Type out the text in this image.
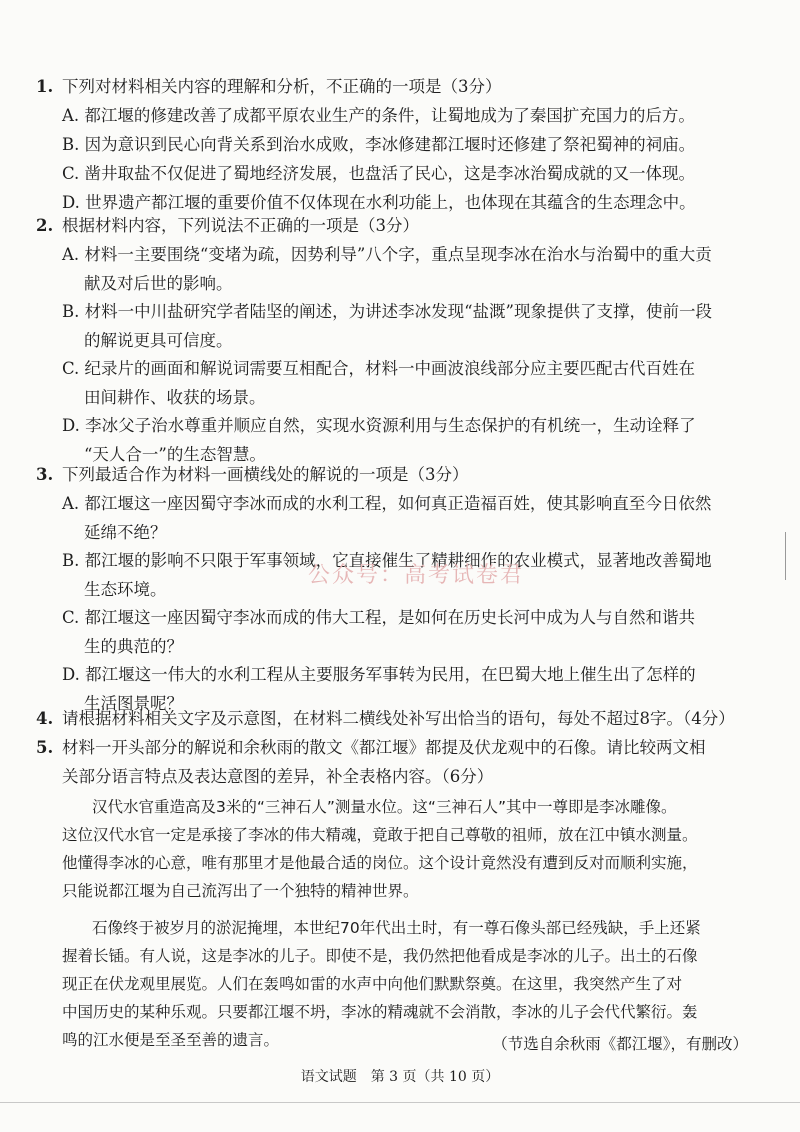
1. 下列对材料相关内容的理解和分析，不正确的一项是（3分）
A. 都江堰的修建改善了成都平原农业生产的条件，让蜀地成为了秦国扩充国力的后方。
B. 因为意识到民心向背关系到治水成败，李冰修建都江堰时还修建了祭祀蜀神的祠庙。
C. 凿井取盐不仅促进了蜀地经济发展，也盘活了民心，这是李冰治蜀成就的又一体现。
D. 世界遗产都江堰的重要价值不仅体现在水利功能上，也体现在其蕴含的生态理念中。
2. 根据材料内容，下列说法不正确的一项是（3分）
A. 材料一主要围绕“变堵为疏，因势利导”八个字，重点呈现李冰在治水与治蜀中的重大贡
献及对后世的影响。
B. 材料一中川盐研究学者陆坚的阐述，为讲述李冰发现“盐溉”现象提供了支撑，使前一段
的解说更具可信度。
C. 纪录片的画面和解说词需要互相配合，材料一中画波浪线部分应主要匹配古代百姓在
田间耕作、收获的场景。
D. 李冰父子治水尊重并顺应自然，实现水资源利用与生态保护的有机统一，生动诠释了
“天人合一”的生态智慧。
3. 下列最适合作为材料一画横线处的解说的一项是（3分）
A. 都江堰这一座因蜀守李冰而成的水利工程，如何真正造福百姓，使其影响直至今日依然
延绵不绝？
B. 都江堰的影响不只限于军事领域，它直接催生了精耕细作的农业模式，显著地改善蜀地
生态环境。
C. 都江堰这一座因蜀守李冰而成的伟大工程，是如何在历史长河中成为人与自然和谐共
生的典范的？
D. 都江堰这一伟大的水利工程从主要服务军事转为民用，在巴蜀大地上催生出了怎样的
生活图景呢？
4. 请根据材料相关文字及示意图，在材料二横线处补写出恰当的语句，每处不超过8字。（4分）
5. 材料一开头部分的解说和余秋雨的散文《都江堰》都提及伏龙观中的石像。请比较两文相
关部分语言特点及表达意图的差异，补全表格内容。（6分）
汉代水官重造高及3米的“三神石人”测量水位。这“三神石人”其中一尊即是李冰雕像。
这位汉代水官一定是承接了李冰的伟大精魂，竟敢于把自己尊敬的祖师，放在江中镇水测量。
他懂得李冰的心意，唯有那里才是他最合适的岗位。这个设计竟然没有遭到反对而顺利实施，
只能说都江堰为自己流泻出了一个独特的精神世界。
石像终于被岁月的淤泥掩埋，本世纪70年代出土时，有一尊石像头部已经残缺，手上还紧
握着长锸。有人说，这是李冰的儿子。即使不是，我仍然把他看成是李冰的儿子。出土的石像
现正在伏龙观里展览。人们在轰鸣如雷的水声中向他们默默祭奠。在这里，我突然产生了对
中国历史的某种乐观。只要都江堰不坍，李冰的精魂就不会消散，李冰的儿子会代代繁衍。轰
鸣的江水便是至圣至善的遗言。	（节选自余秋雨《都江堰》，有删改）
公众号：高考试卷君
语文试题　第 3 页（共 10 页）
